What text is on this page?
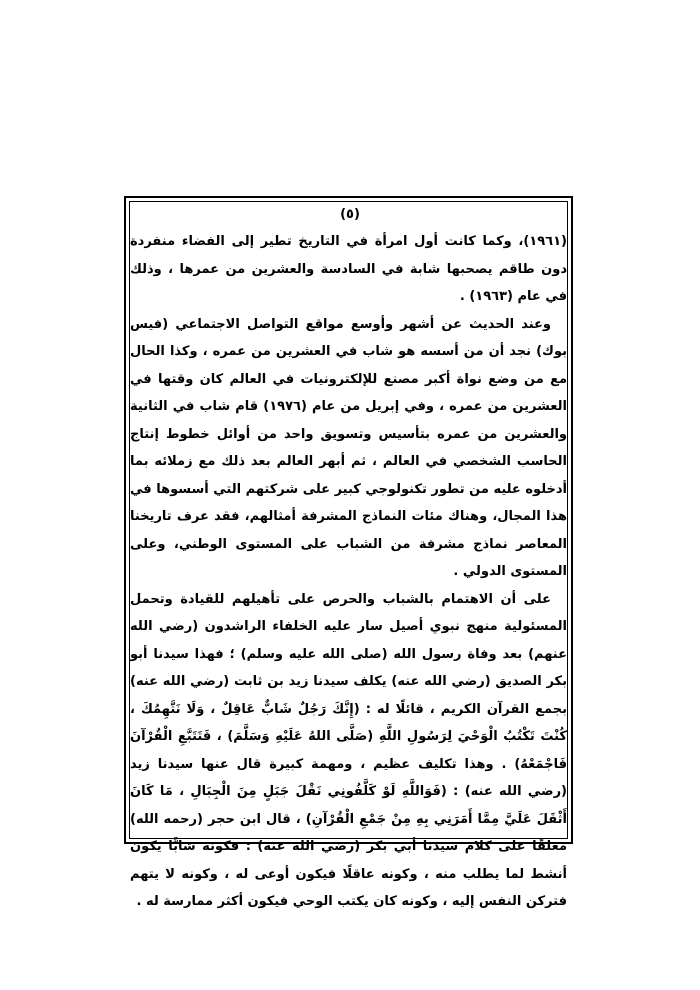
(٥)

(١٩٦١)، وكما كانت أول امرأة في التاريخ تطير إلى الفضاء منفردة دون طاقم يصحبها شابة في السادسة والعشرين من عمرها ، وذلك في عام (١٩٦٣) .

وعند الحديث عن أشهر وأوسع مواقع التواصل الاجتماعي (فيس بوك) نجد أن من أسسه هو شاب في العشرين من عمره ، وكذا الحال مع من وضع نواة أكبر مصنع للإلكترونيات في العالم كان وقتها في العشرين من عمره ، وفي إبريل من عام (١٩٧٦) قام شاب في الثانية والعشرين من عمره بتأسيس وتسويق واحد من أوائل خطوط إنتاج الحاسب الشخصي في العالم ، ثم أبهر العالم بعد ذلك مع زملائه بما أدخلوه عليه من تطور تكنولوجي كبير على شركتهم التي أسسوها في هذا المجال، وهناك مئات النماذج المشرفة أمثالهم، فقد عرف تاريخنا المعاصر نماذج مشرفة من الشباب على المستوى الوطني، وعلى المستوى الدولي .

على أن الاهتمام بالشباب والحرص على تأهيلهم للقيادة وتحمل المسئولية منهج نبوي أصيل سار عليه الخلفاء الراشدون (رضي الله عنهم) بعد وفاة رسول الله (صلى الله عليه وسلم) ؛ فهذا سيدنا أبو بكر الصديق (رضي الله عنه) يكلف سيدنا زيد بن ثابت (رضي الله عنه) بجمع القرآن الكريم ، قائلًا له : (إِنَّكَ رَجُلٌ شَابٌّ عَاقِلٌ ، وَلَا نَتَّهِمُكَ ، كُنْتَ تَكْتُبُ الْوَحْيَ لِرَسُولِ اللَّهِ (صَلَّى اللهُ عَلَيْهِ وَسَلَّمَ) ، فَتَتَبَّعِ الْقُرْآنَ فَاجْمَعْهُ) . وهذا تكليف عظيم ، ومهمة كبيرة قال عنها سيدنا زيد (رضي الله عنه) : (فَوَاللَّهِ لَوْ كَلَّفُونِي نَقْلَ جَبَلٍ مِنَ الْجِبَالِ ، مَا كَانَ أَثْقَلَ عَلَيَّ مِمَّا أَمَرَنِي بِهِ مِنْ جَمْعِ الْقُرْآنِ) ، قال ابن حجر (رحمه الله) معلقًا على كلام سيدنا أبي بكر (رضي الله عنه) : فكونه شابًّا يكون أنشط لما يطلب منه ، وكونه عاقلًا فيكون أوعى له ، وكونه لا يتهم فتركن النفس إليه ، وكونه كان يكتب الوحي فيكون أكثر ممارسة له .
